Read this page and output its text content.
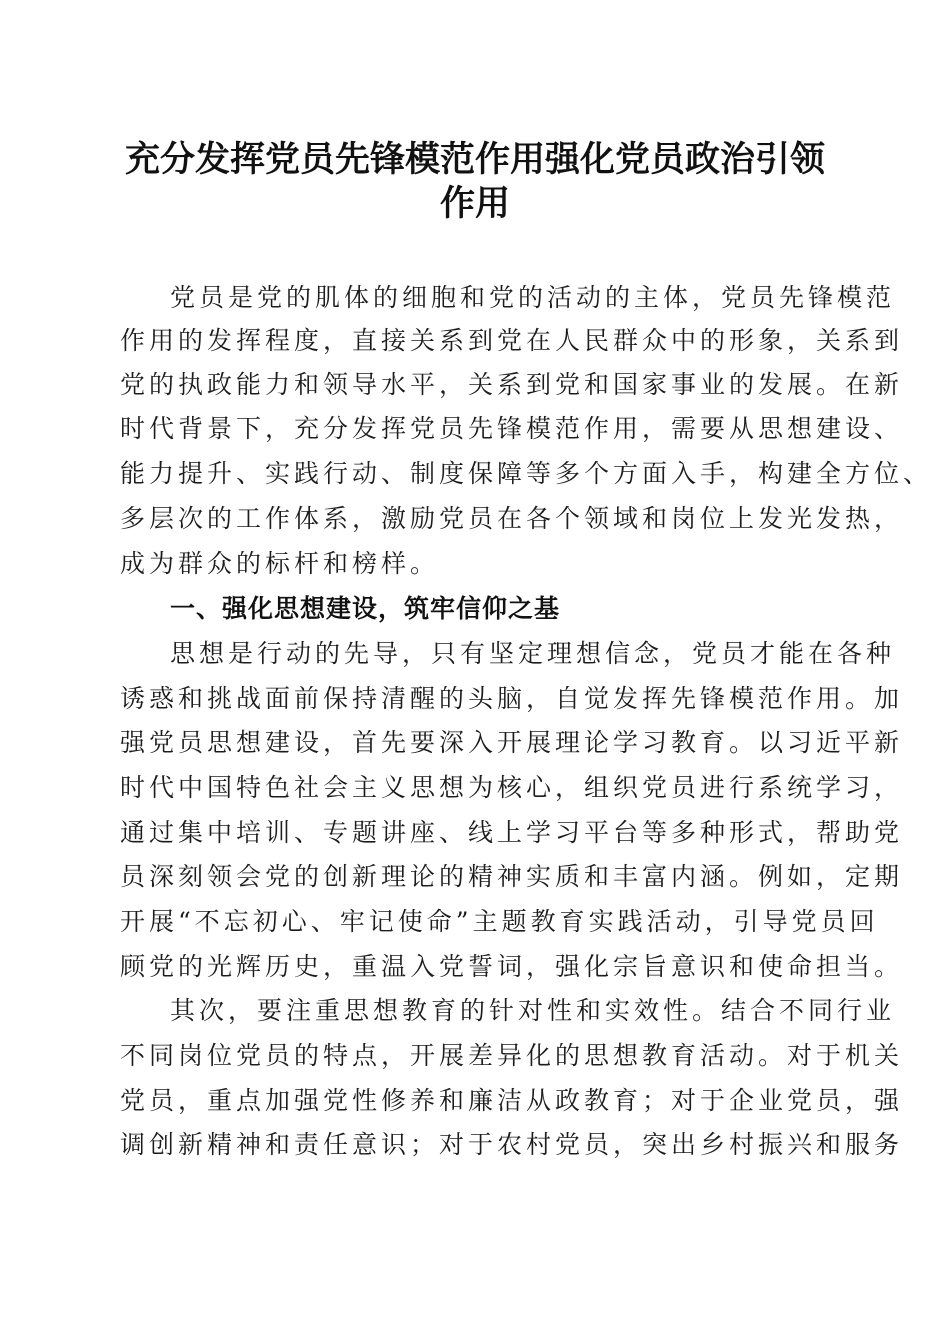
充分发挥党员先锋模范作用强化党员政治引领
作用
党员是党的肌体的细胞和党的活动的主体，党员先锋模范
作用的发挥程度，直接关系到党在人民群众中的形象，关系到
党的执政能力和领导水平，关系到党和国家事业的发展。在新
时代背景下，充分发挥党员先锋模范作用，需要从思想建设、
能力提升、实践行动、制度保障等多个方面入手，构建全方位、
多层次的工作体系，激励党员在各个领域和岗位上发光发热，
成为群众的标杆和榜样。
一、强化思想建设，筑牢信仰之基
思想是行动的先导，只有坚定理想信念，党员才能在各种
诱惑和挑战面前保持清醒的头脑，自觉发挥先锋模范作用。加
强党员思想建设，首先要深入开展理论学习教育。以习近平新
时代中国特色社会主义思想为核心，组织党员进行系统学习，
通过集中培训、专题讲座、线上学习平台等多种形式，帮助党
员深刻领会党的创新理论的精神实质和丰富内涵。例如，定期
开展“不忘初心、牢记使命”主题教育实践活动，引导党员回
顾党的光辉历史，重温入党誓词，强化宗旨意识和使命担当。
其次，要注重思想教育的针对性和实效性。结合不同行业
不同岗位党员的特点，开展差异化的思想教育活动。对于机关
党员，重点加强党性修养和廉洁从政教育；对于企业党员，强
调创新精神和责任意识；对于农村党员，突出乡村振兴和服务
